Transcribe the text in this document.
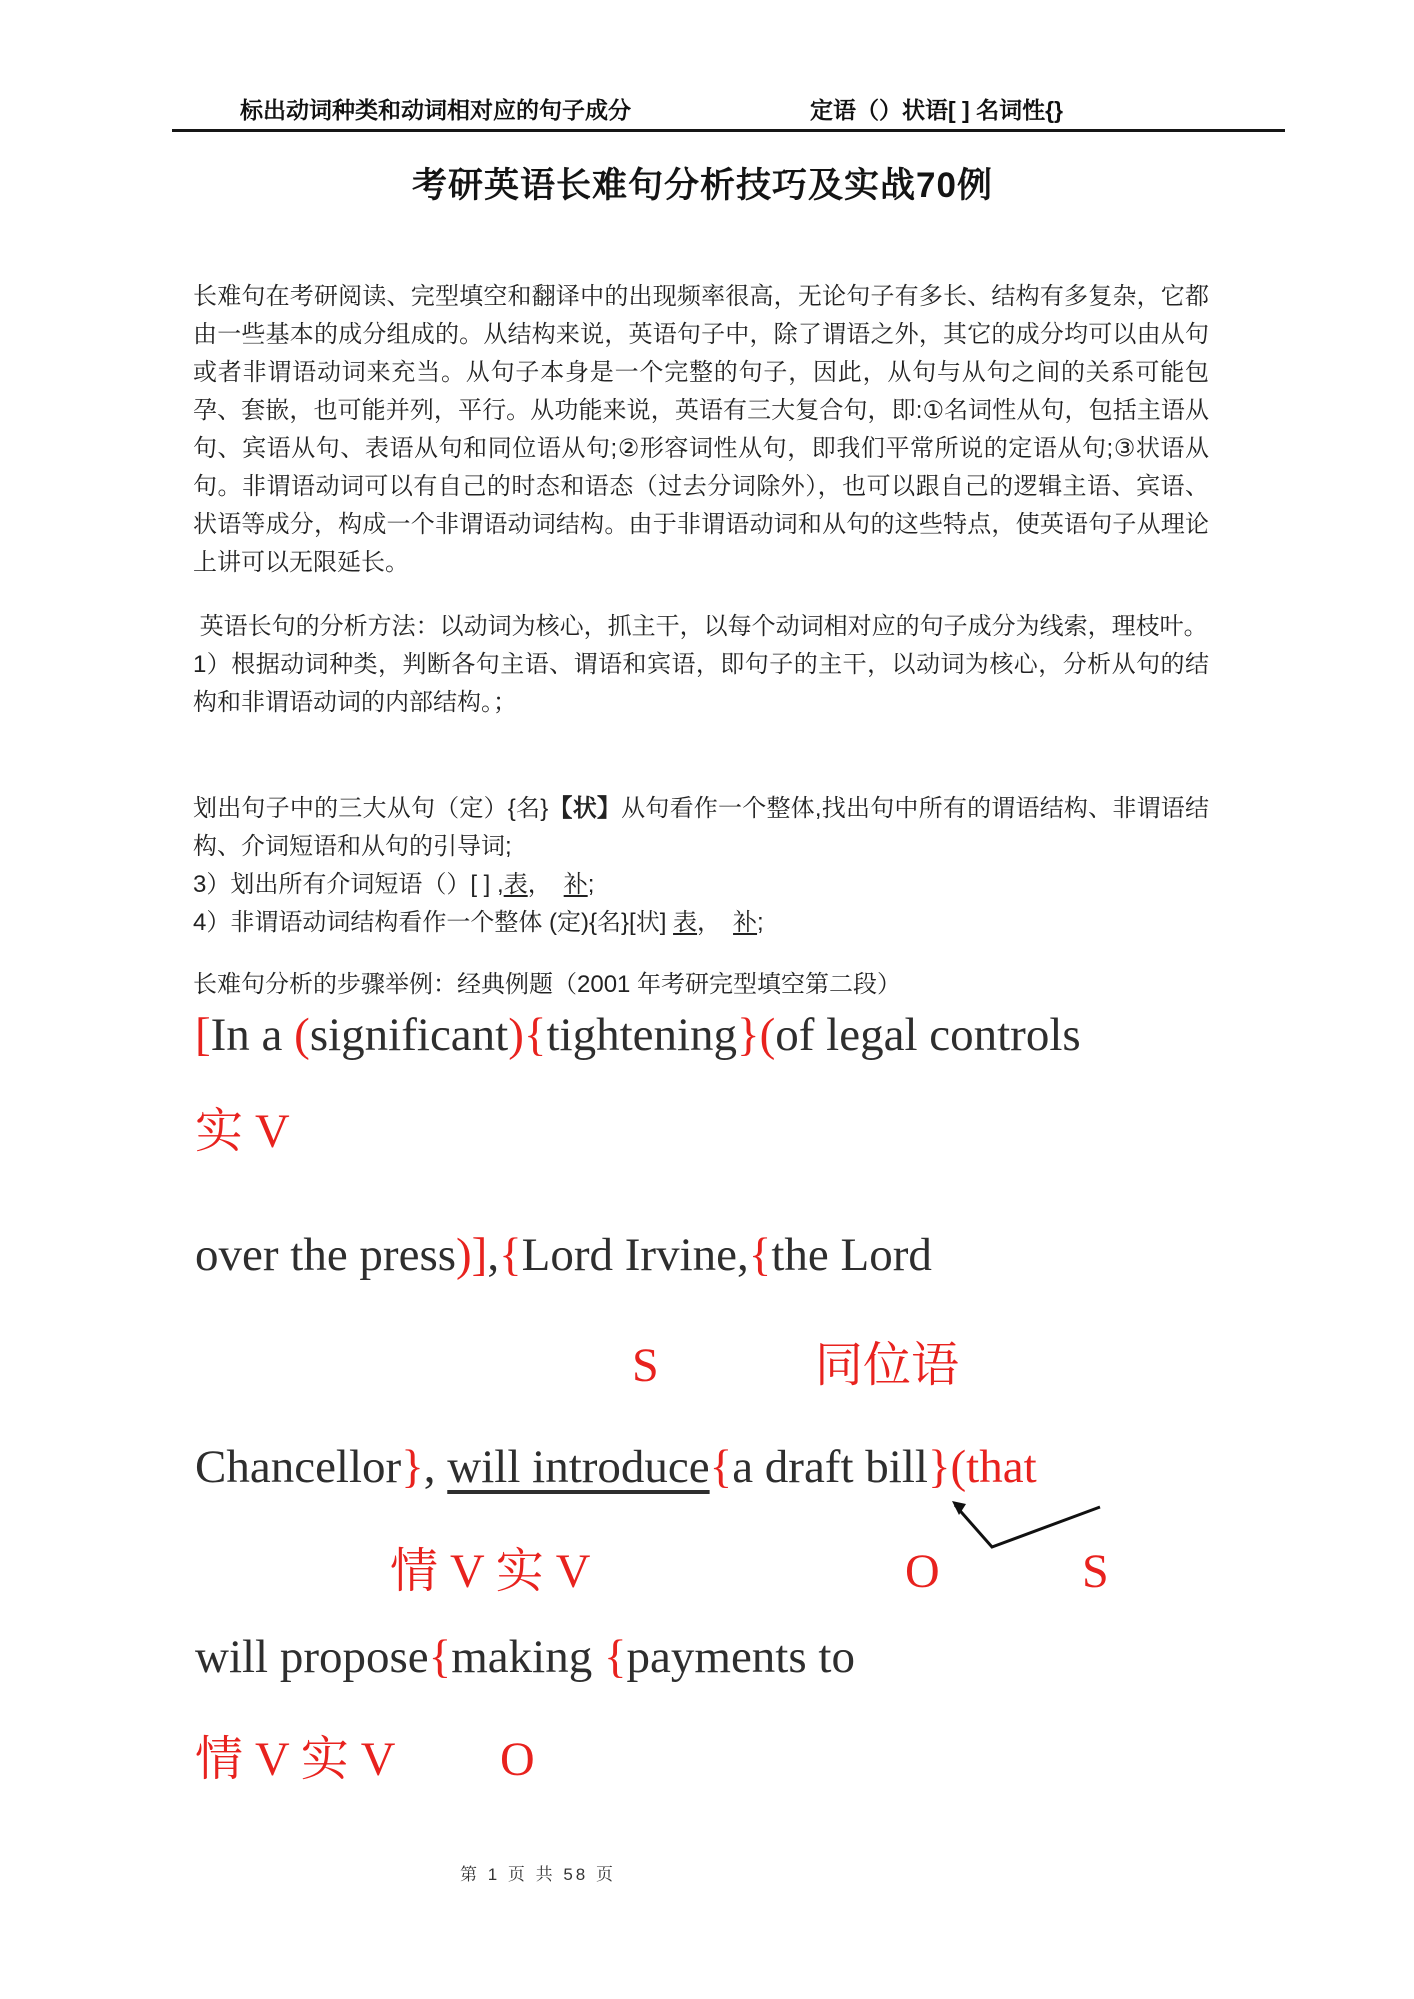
标出动词种类和动词相对应的句子成分	定语（）状语[ ] 名词性{}
考研英语长难句分析技巧及实战70例

长难句在考研阅读、完型填空和翻译中的出现频率很高，无论句子有多长、结构有多复杂，它都由一些基本的成分组成的。从结构来说，英语句子中，除了谓语之外，其它的成分均可以由从句或者非谓语动词来充当。从句子本身是一个完整的句子，因此，从句与从句之间的关系可能包孕、套嵌，也可能并列，平行。从功能来说，英语有三大复合句，即:①名词性从句，包括主语从句、宾语从句、表语从句和同位语从句;②形容词性从句，即我们平常所说的定语从句;③状语从句。非谓语动词可以有自己的时态和语态（过去分词除外），也可以跟自己的逻辑主语、宾语、状语等成分，构成一个非谓语动词结构。由于非谓语动词和从句的这些特点，使英语句子从理论上讲可以无限延长。

英语长句的分析方法：以动词为核心，抓主干，以每个动词相对应的句子成分为线索，理枝叶。

1）根据动词种类，判断各句主语、谓语和宾语，即句子的主干，以动词为核心，分析从句的结构和非谓语动词的内部结构。；

划出句子中的三大从句（定）{名}【状】从句看作一个整体,找出句中所有的谓语结构、非谓语结构、介词短语和从句的引导词;

3）划出所有介词短语（）[ ] ,表，　补;

4）非谓语动词结构看作一个整体 (定){名}[状] 表，　补;

长难句分析的步骤举例：经典例题（2001 年考研完型填空第二段）

[In a (significant){tightening}(of legal controls
实 V
over the press)],{Lord Irvine,{the Lord
S	同位语
Chancellor}, will introduce{a draft bill}(that
情 V 实 V	O	S
will propose{making {payments to
情 V 实 V O
第 1 页 共 58 页
